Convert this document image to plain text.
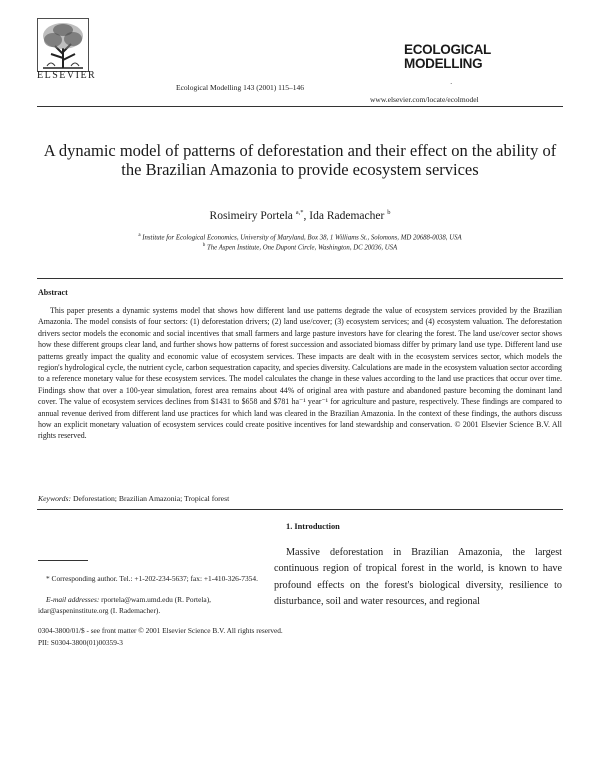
ELSEVIER
Ecological Modelling 143 (2001) 115–146
ECOLOGICAL
MODELLING
·
www.elsevier.com/locate/ecolmodel
A dynamic model of patterns of deforestation and their effect on the ability of the Brazilian Amazonia to provide ecosystem services
Rosimeiry Portela $^{a,*}$, Ida Rademacher $^b$
$^a$ Institute for Ecological Economics, University of Maryland, Box 38, 1 Williams St., Solomons, MD 20688-0038, USA
$^b$ The Aspen Institute, One Dupont Circle, Washington, DC 20036, USA
Abstract

This paper presents a dynamic systems model that shows how different land use patterns degrade the value of ecosystem services provided by the Brazilian Amazonia. The model consists of four sectors: (1) deforestation drivers; (2) land use/cover; (3) ecosystem services; and (4) ecosystem valuation. The deforestation drivers sector models the economic and social incentives that small farmers and large pasture investors have for clearing the forest. The land use/cover sector shows how these different groups clear land, and further shows how patterns of forest succession and associated biomass differ by primary land use type. Different land use patterns greatly impact the quality and economic value of ecosystem services. These impacts are dealt with in the ecosystem services sector, which models the region's hydrological cycle, the nutrient cycle, carbon sequestration capacity, and species diversity. Calculations are made in the ecosystem valuation sector according to a reference monetary value for these ecosystem services. The model calculates the change in these values according to the land use practices that occur over time. Findings show that over a 100-year simulation, forest area remains about 44% of original area with pasture and abandoned pasture becoming the dominant land cover. The value of ecosystem services declines from $1431 to $658 and $781 ha⁻¹ year⁻¹ for agriculture and pasture, respectively. These findings are compared to annual revenue derived from different land use practices for which land was cleared in the Brazilian Amazonia. In the context of these findings, the authors discuss how an explicit monetary valuation of ecosystem services could create positive incentives for land stewardship and conservation. © 2001 Elsevier Science B.V. All rights reserved.

Keywords: Deforestation; Brazilian Amazonia; Tropical forest
1. Introduction

Massive deforestation in Brazilian Amazonia, the largest continuous region of tropical forest in the world, is known to have profound effects on the forest's biological diversity, resilience to disturbance, soil and water resources, and regional

* Corresponding author. Tel.: +1-202-234-5637; fax: +1-410-326-7354.

E-mail addresses: rportela@wam.umd.edu (R. Portela), idar@aspeninstitute.org (I. Rademacher).

0304-3800/01/$ - see front matter © 2001 Elsevier Science B.V. All rights reserved.
PII: S0304-3800(01)00359-3
